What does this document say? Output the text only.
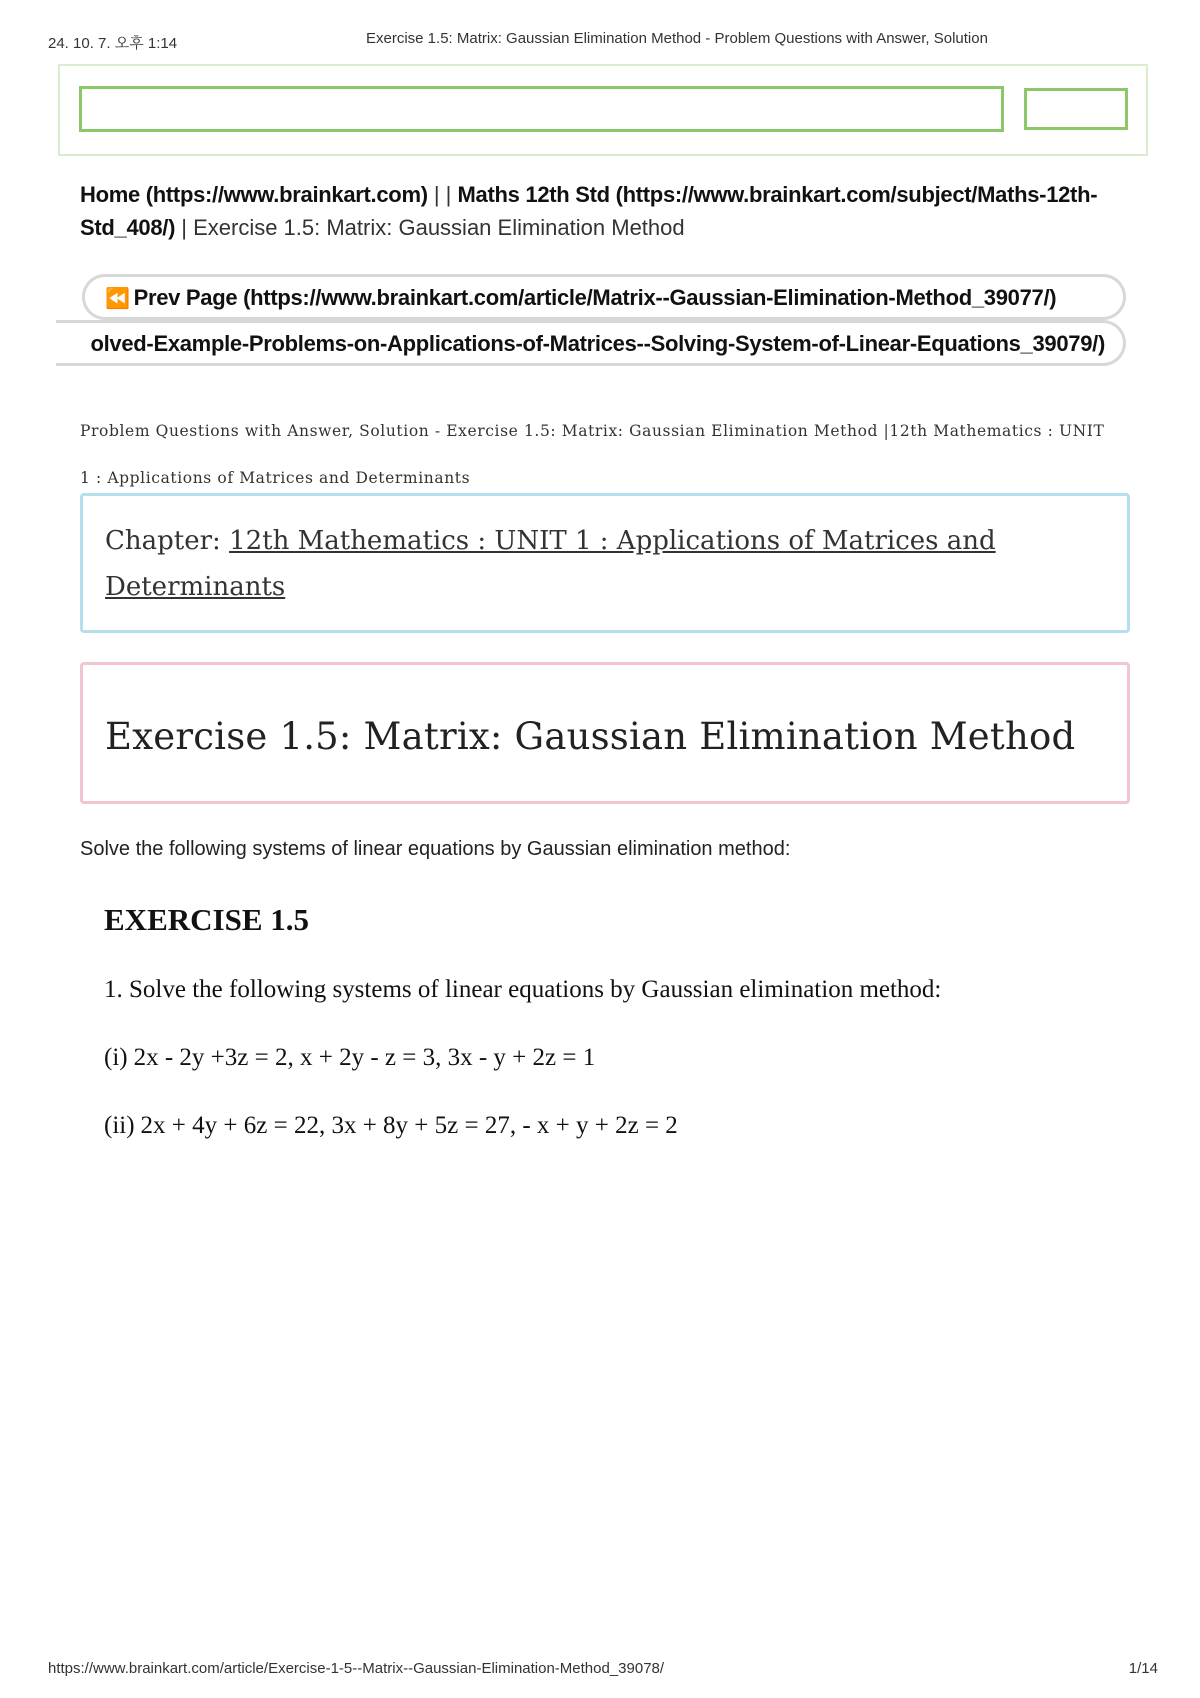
24. 10. 7. 오후 1:14	Exercise 1.5: Matrix: Gaussian Elimination Method - Problem Questions with Answer, Solution
Home (https://www.brainkart.com) | | Maths 12th Std (https://www.brainkart.com/subject/Maths-12th-Std_408/) | Exercise 1.5: Matrix: Gaussian Elimination Method
⏪ Prev Page (https://www.brainkart.com/article/Matrix--Gaussian-Elimination-Method_39077/)
olved-Example-Problems-on-Applications-of-Matrices--Solving-System-of-Linear-Equations_39079/)
Problem Questions with Answer, Solution - Exercise 1.5: Matrix: Gaussian Elimination Method |12th Mathematics : UNIT 1 : Applications of Matrices and Determinants
Chapter: 12th Mathematics : UNIT 1 : Applications of Matrices and Determinants
Exercise 1.5: Matrix: Gaussian Elimination Method
Solve the following systems of linear equations by Gaussian elimination method:
EXERCISE 1.5
1. Solve the following systems of linear equations by Gaussian elimination method:
(i) 2x - 2y +3z = 2, x + 2y - z = 3, 3x - y + 2z = 1
(ii) 2x + 4y + 6z = 22, 3x + 8y + 5z = 27, - x + y + 2z = 2
https://www.brainkart.com/article/Exercise-1-5--Matrix--Gaussian-Elimination-Method_39078/	1/14
